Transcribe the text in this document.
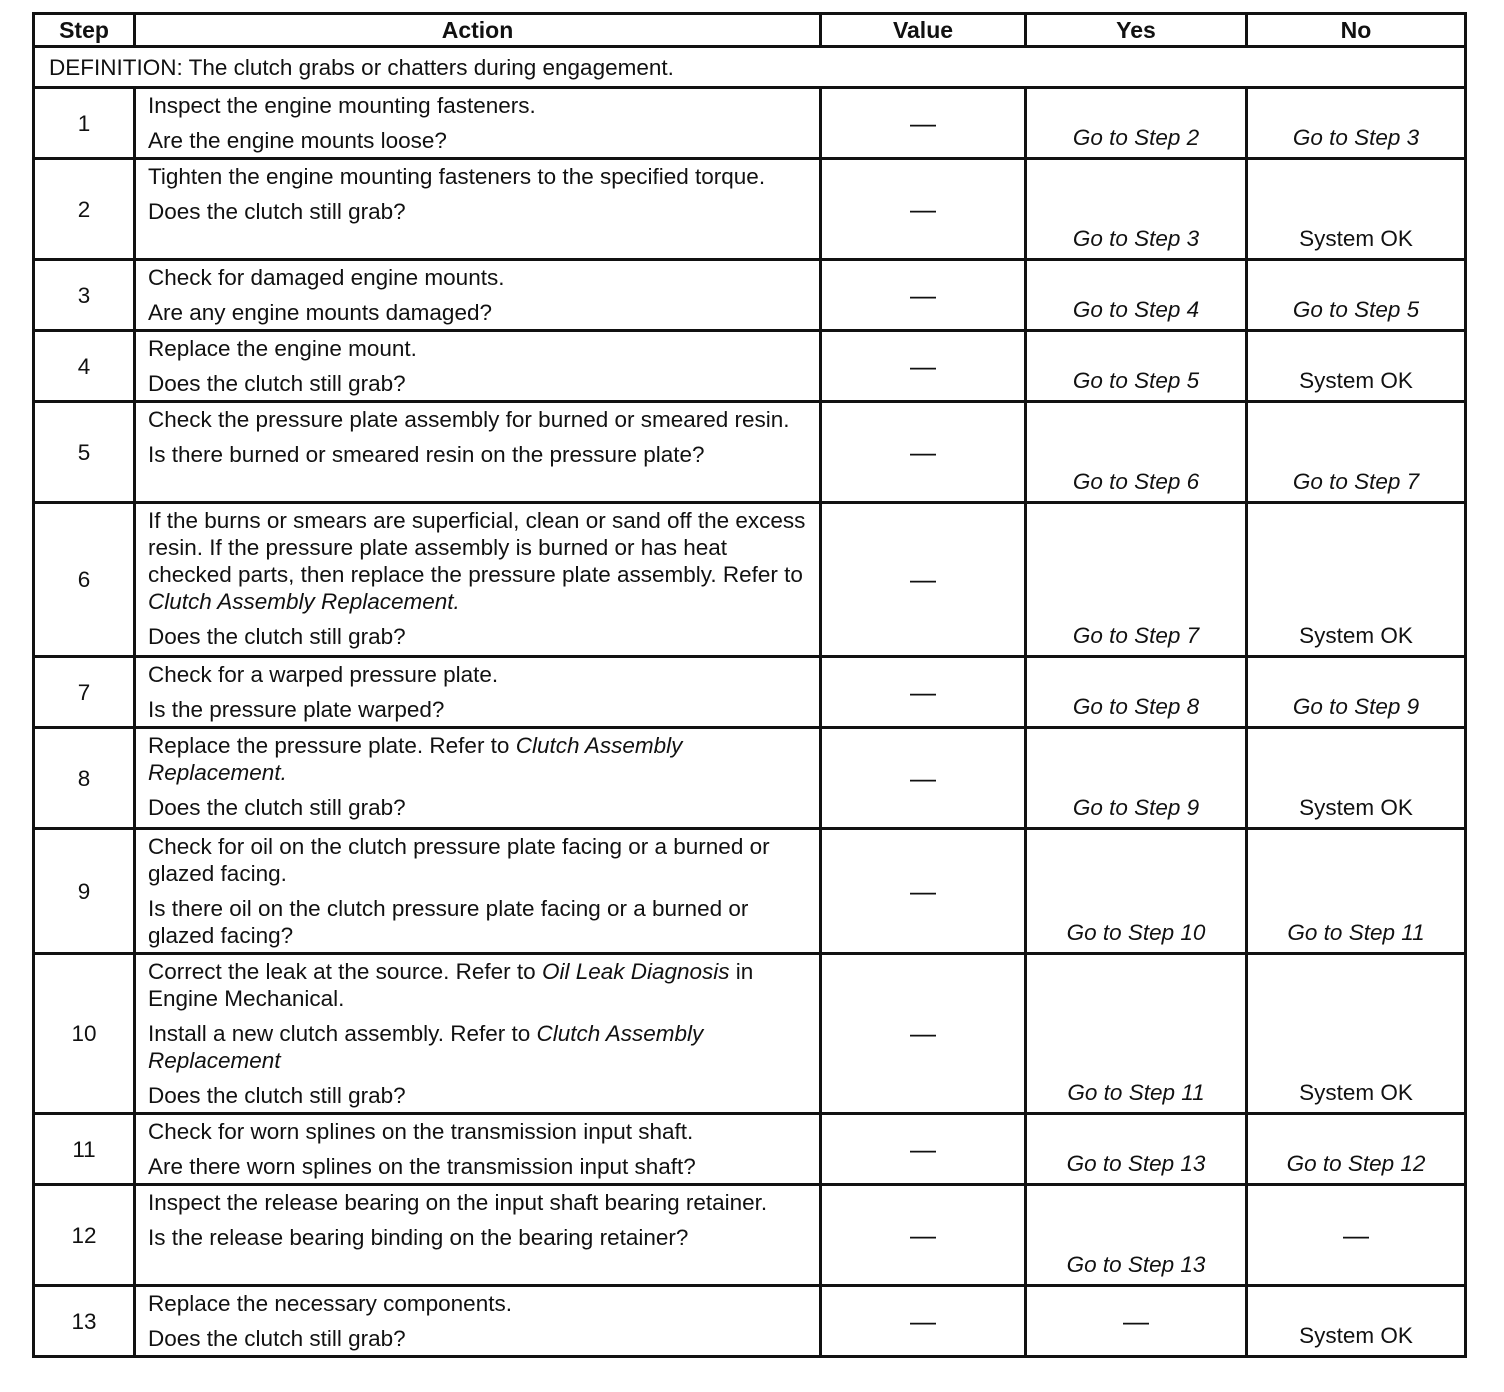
Step	Action	Value	Yes	No
DEFINITION: The clutch grabs or chatters during engagement.				
1	Inspect the engine mounting fasteners.

Are the engine mounts loose?	—	Go to Step 2	Go to Step 3
2	Tighten the engine mounting fasteners to the specified torque.

Does the clutch still grab?	—	Go to Step 3	System OK
3	Check for damaged engine mounts.

Are any engine mounts damaged?	—	Go to Step 4	Go to Step 5
4	Replace the engine mount.

Does the clutch still grab?	—	Go to Step 5	System OK
5	Check the pressure plate assembly for burned or smeared resin.

Is there burned or smeared resin on the pressure plate?	—	Go to Step 6	Go to Step 7
6	If the burns or smears are superficial, clean or sand off the excess resin. If the pressure plate assembly is burned or has heat checked parts, then replace the pressure plate assembly. Refer to Clutch Assembly Replacement.

Does the clutch still grab?	—	Go to Step 7	System OK
7	Check for a warped pressure plate.

Is the pressure plate warped?	—	Go to Step 8	Go to Step 9
8	Replace the pressure plate. Refer to Clutch Assembly Replacement.

Does the clutch still grab?	—	Go to Step 9	System OK
9	Check for oil on the clutch pressure plate facing or a burned or glazed facing.

Is there oil on the clutch pressure plate facing or a burned or glazed facing?	—	Go to Step 10	Go to Step 11
10	Correct the leak at the source. Refer to Oil Leak Diagnosis in Engine Mechanical.

Install a new clutch assembly. Refer to Clutch Assembly Replacement

Does the clutch still grab?	—	Go to Step 11	System OK
11	Check for worn splines on the transmission input shaft.

Are there worn splines on the transmission input shaft?	—	Go to Step 13	Go to Step 12
12	Inspect the release bearing on the input shaft bearing retainer.

Is the release bearing binding on the bearing retainer?	—	Go to Step 13	—
13	Replace the necessary components.

Does the clutch still grab?	—	—	System OK
